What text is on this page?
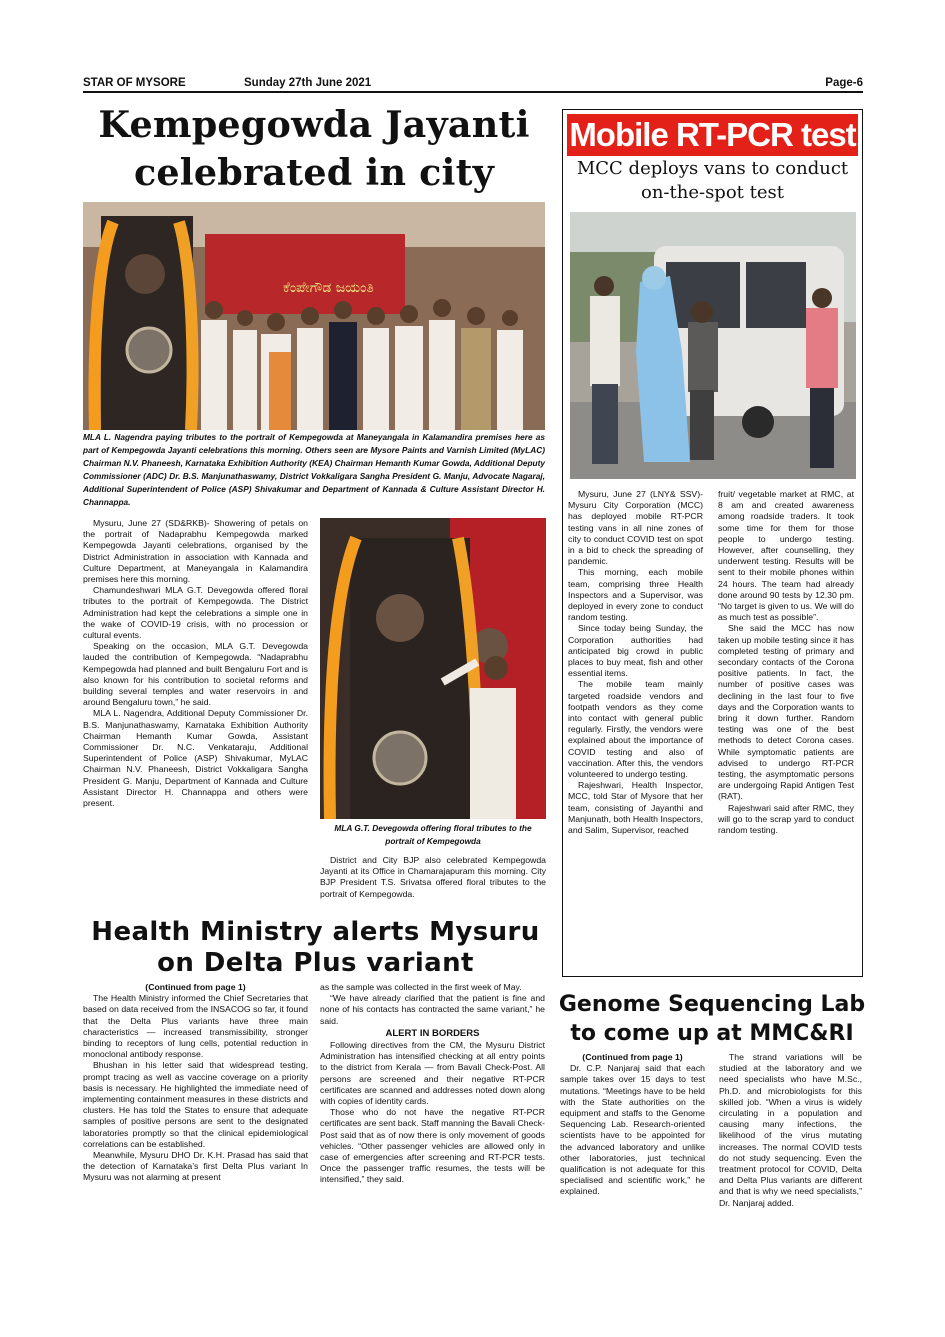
STAR OF MYSORE	Sunday 27th June 2021	Page-6
Kempegowda Jayanti celebrated in city
ಕೆಂಪೇಗೌಡ ಜಯಂತಿ
MLA L. Nagendra paying tributes to the portrait of Kempegowda at Maneyangala in Kalamandira premises here as part of Kempegowda Jayanti celebrations this morning. Others seen are Mysore Paints and Varnish Limited (MyLAC) Chairman N.V. Phaneesh, Karnataka Exhibition Authority (KEA) Chairman Hemanth Kumar Gowda, Additional Deputy Commissioner (ADC) Dr. B.S. Manjunathaswamy, District Vokkaligara Sangha President G. Manju, Advocate Nagaraj, Additional Superintendent of Police (ASP) Shivakumar and Department of Kannada & Culture Assistant Director H. Channappa.

Mysuru, June 27 (SD&RKB)- Showering of petals on the portrait of Nadaprabhu Kempegowda marked Kempegowda Jayanti celebrations, organised by the District Administration in association with Kannada and Culture Department, at Maneyangala in Kalamandira premises here this morning.

Chamundeshwari MLA G.T. Devegowda offered floral tributes to the portrait of Kempegowda. The District Administration had kept the celebrations a simple one in the wake of COVID-19 crisis, with no procession or cultural events.

Speaking on the occasion, MLA G.T. Devegowda lauded the contribution of Kempegowda. “Nadaprabhu Kempegowda had planned and built Bengaluru Fort and is also known for his contribution to societal reforms and building several temples and water reservoirs in and around Bengaluru town,” he said.

MLA L. Nagendra, Additional Deputy Commissioner Dr. B.S. Manjunathaswamy, Karnataka Exhibition Authority Chairman Hemanth Kumar Gowda, Assistant Commissioner Dr. N.C. Venkataraju, Additional Superintendent of Police (ASP) Shivakumar, MyLAC Chairman N.V. Phaneesh, District Vokkaligara Sangha President G. Manju, Department of Kannada and Culture Assistant Director H. Channappa and others were present.

MLA G.T. Devegowda offering floral tributes to the portrait of Kempegowda

District and City BJP also celebrated Kempegowda Jayanti at its Office in Chamarajapuram this morning. City BJP President T.S. Srivatsa offered floral tributes to the portrait of Kempegowda.

Mobile RT-PCR test
MCC deploys vans to conduct on-the-spot test

Mysuru, June 27 (LNY& SSV)- Mysuru City Corporation (MCC) has deployed mobile RT-PCR testing vans in all nine zones of city to conduct COVID test on spot in a bid to check the spreading of pandemic.

This morning, each mobile team, comprising three Health Inspectors and a Supervisor, was deployed in every zone to conduct random testing.

Since today being Sunday, the Corporation authorities had anticipated big crowd in public places to buy meat, fish and other essential items.

The mobile team mainly targeted roadside vendors and footpath vendors as they come into contact with general public regularly. Firstly, the vendors were explained about the importance of COVID testing and also of vaccination. After this, the vendors volunteered to undergo testing.

Rajeshwari, Health Inspector, MCC, told Star of Mysore that her team, consisting of Jayanthi and Manjunath, both Health Inspectors, and Salim, Supervisor, reached

fruit/ vegetable market at RMC, at 8 am and created awareness among roadside traders. It took some time for them for those people to undergo testing. However, after counselling, they underwent testing. Results will be sent to their mobile phones within 24 hours. The team had already done around 90 tests by 12.30 pm. “No target is given to us. We will do as much test as possible”.

She said the MCC has now taken up mobile testing since it has completed testing of primary and secondary contacts of the Corona positive patients. In fact, the number of positive cases was declining in the last four to five days and the Corporation wants to bring it down further. Random testing was one of the best methods to detect Corona cases. While symptomatic patients are advised to undergo RT-PCR testing, the asymptomatic persons are undergoing Rapid Antigen Test (RAT).

Rajeshwari said after RMC, they will go to the scrap yard to conduct random testing.

Health Ministry alerts Mysuru on Delta Plus variant
(Continued from page 1)

The Health Ministry informed the Chief Secretaries that based on data received from the INSACOG so far, it found that the Delta Plus variants have three main characteristics — increased transmissibility, stronger binding to receptors of lung cells, potential reduction in monoclonal antibody response.

Bhushan in his letter said that widespread testing, prompt tracing as well as vaccine coverage on a priority basis is necessary. He highlighted the immediate need of implementing containment measures in these districts and clusters. He has told the States to ensure that adequate samples of positive persons are sent to the designated laboratories promptly so that the clinical epidemiological correlations can be established.

Meanwhile, Mysuru DHO Dr. K.H. Prasad has said that the detection of Karnataka’s first Delta Plus variant In Mysuru was not alarming at present

as the sample was collected in the first week of May.

“We have already clarified that the patient is fine and none of his contacts has contracted the same variant,” he said.

ALERT IN BORDERS

Following directives from the CM, the Mysuru District Administration has intensified checking at all entry points to the district from Kerala — from Bavali Check-Post. All persons are screened and their negative RT-PCR certificates are scanned and addresses noted down along with copies of identity cards.

Those who do not have the negative RT-PCR certificates are sent back. Staff manning the Bavali Check-Post said that as of now there is only movement of goods vehicles. “Other passenger vehicles are allowed only in case of emergencies after screening and RT-PCR tests. Once the passenger traffic resumes, the tests will be intensified,” they said.

Genome Sequencing Lab to come up at MMC&RI
(Continued from page 1)

Dr. C.P. Nanjaraj said that each sample takes over 15 days to test mutations. “Meetings have to be held with the State authorities on the equipment and staffs to the Genome Sequencing Lab. Research-oriented scientists have to be appointed for the advanced laboratory and unlike other laboratories, just technical qualification is not adequate for this specialised and scientific work,” he explained.

The strand variations will be studied at the laboratory and we need specialists who have M.Sc., Ph.D. and microbiologists for this skilled job. “When a virus is widely circulating in a population and causing many infections, the likelihood of the virus mutating increases. The normal COVID tests do not study sequencing. Even the treatment protocol for COVID, Delta and Delta Plus variants are different and that is why we need specialists,” Dr. Nanjaraj added.
